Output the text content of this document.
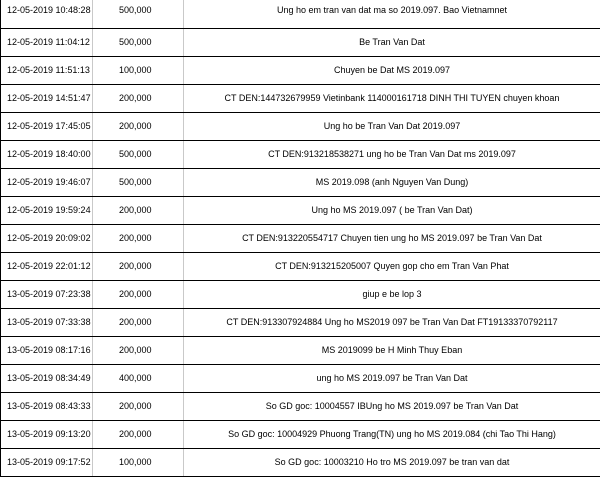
12-05-2019 10:48:28	500,000	Ung ho em tran van dat ma so 2019.097. Bao Vietnamnet
12-05-2019 11:04:12	500,000	Be Tran Van Dat
12-05-2019 11:51:13	100,000	Chuyen be Dat MS 2019.097
12-05-2019 14:51:47	200,000	CT DEN:144732679959 Vietinbank 114000161718 DINH THI TUYEN chuyen khoan
12-05-2019 17:45:05	200,000	Ung ho be Tran Van Dat 2019.097
12-05-2019 18:40:00	500,000	CT DEN:913218538271 ung ho be Tran Van Dat ms 2019.097
12-05-2019 19:46:07	500,000	MS 2019.098 (anh Nguyen Van Dung)
12-05-2019 19:59:24	200,000	Ung ho MS 2019.097 ( be Tran Van Dat)
12-05-2019 20:09:02	200,000	CT DEN:913220554717 Chuyen tien ung ho MS 2019.097 be Tran Van Dat
12-05-2019 22:01:12	200,000	CT DEN:913215205007 Quyen gop cho em Tran Van Phat
13-05-2019 07:23:38	200,000	giup e be lop 3
13-05-2019 07:33:38	200,000	CT DEN:913307924884 Ung ho MS2019 097 be Tran Van Dat FT19133370792117
13-05-2019 08:17:16	200,000	MS 2019099 be H Minh Thuy Eban
13-05-2019 08:34:49	400,000	ung ho MS 2019.097 be Tran Van Dat
13-05-2019 08:43:33	200,000	So GD goc: 10004557 IBUng ho MS 2019.097 be Tran Van Dat
13-05-2019 09:13:20	200,000	So GD goc: 10004929 Phuong Trang(TN) ung ho MS 2019.084 (chi Tao Thi Hang)
13-05-2019 09:17:52	100,000	So GD goc: 10003210 Ho tro MS 2019.097 be tran van dat
